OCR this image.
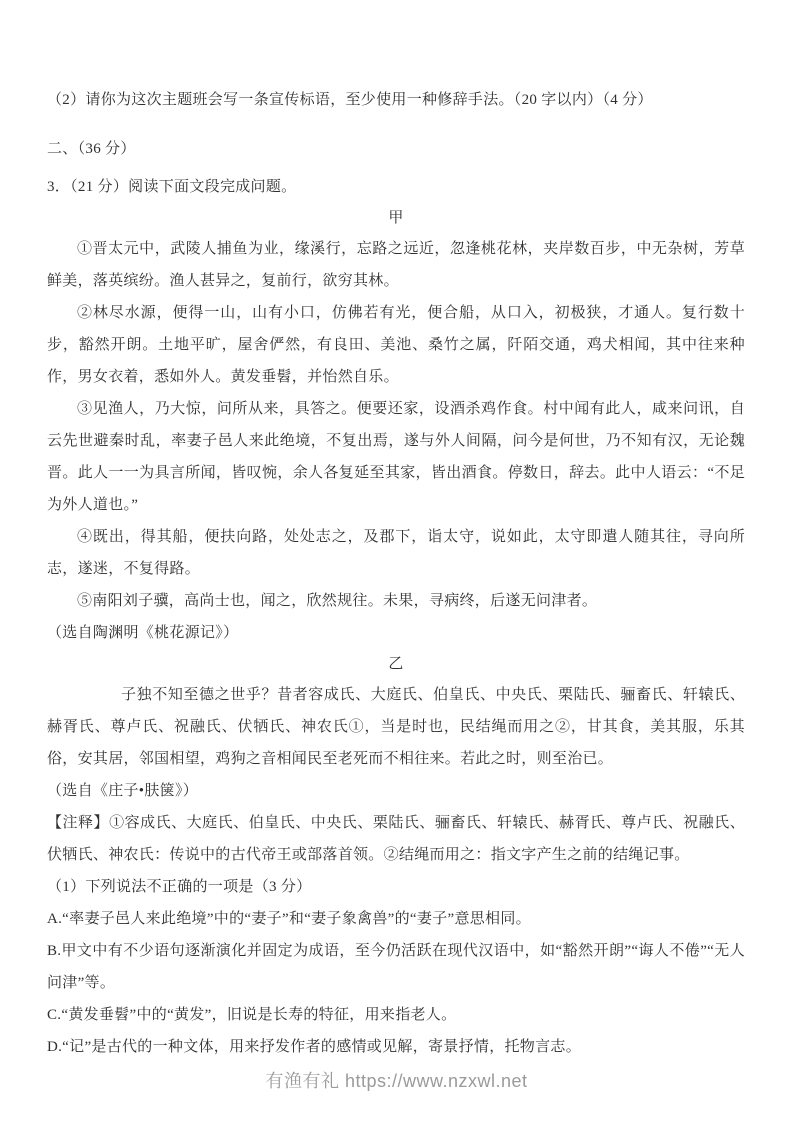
（2）请你为这次主题班会写一条宣传标语，至少使用一种修辞手法。（20 字以内）（4 分）

二、（36 分）

3．（21 分）阅读下面文段完成问题。

甲

①晋太元中，武陵人捕鱼为业，缘溪行，忘路之远近，忽逢桃花林，夹岸数百步，中无杂树，芳草鲜美，落英缤纷。渔人甚异之，复前行，欲穷其林。

②林尽水源，便得一山，山有小口，仿佛若有光，便合船，从口入，初极狭，才通人。复行数十步，豁然开朗。土地平旷，屋舍俨然，有良田、美池、桑竹之属，阡陌交通，鸡犬相闻，其中往来种作，男女衣着，悉如外人。黄发垂髫，并怡然自乐。

③见渔人，乃大惊，问所从来，具答之。便要还家，设酒杀鸡作食。村中闻有此人，咸来问讯，自云先世避秦时乱，率妻子邑人来此绝境，不复出焉，遂与外人间隔，问今是何世，乃不知有汉，无论魏晋。此人一一为具言所闻，皆叹惋，余人各复延至其家，皆出酒食。停数日，辞去。此中人语云：“不足为外人道也。”

④既出，得其船，便扶向路，处处志之，及郡下，诣太守，说如此，太守即遣人随其往，寻向所志，遂迷，不复得路。

⑤南阳刘子骥，高尚士也，闻之，欣然规往。未果，寻病终，后遂无问津者。

（选自陶渊明《桃花源记》）

乙

子独不知至德之世乎？昔者容成氏、大庭氏、伯皇氏、中央氏、栗陆氏、骊畜氏、轩辕氏、赫胥氏、尊卢氏、祝融氏、伏牺氏、神农氏①，当是时也，民结绳而用之②，甘其食，美其服，乐其俗，安其居，邻国相望，鸡狗之音相闻民至老死而不相往来。若此之时，则至治已。

（选自《庄子•肤箧》）

【注释】①容成氏、大庭氏、伯皇氏、中央氏、栗陆氏、骊畜氏、轩辕氏、赫胥氏、尊卢氏、祝融氏、伏牺氏、神农氏：传说中的古代帝王或部落首领。②结绳而用之：指文字产生之前的结绳记事。

（1）下列说法不正确的一项是（3 分）

A.“率妻子邑人来此绝境”中的“妻子”和“妻子象禽兽”的“妻子”意思相同。

B.甲文中有不少语句逐渐演化并固定为成语，至今仍活跃在现代汉语中，如“豁然开朗”“诲人不倦”“无人问津”等。

C.“黄发垂髫”中的“黄发”，旧说是长寿的特征，用来指老人。

D.“记”是古代的一种文体，用来抒发作者的感情或见解，寄景抒情，托物言志。

有渔有礼 https://www.nzxwl.net
